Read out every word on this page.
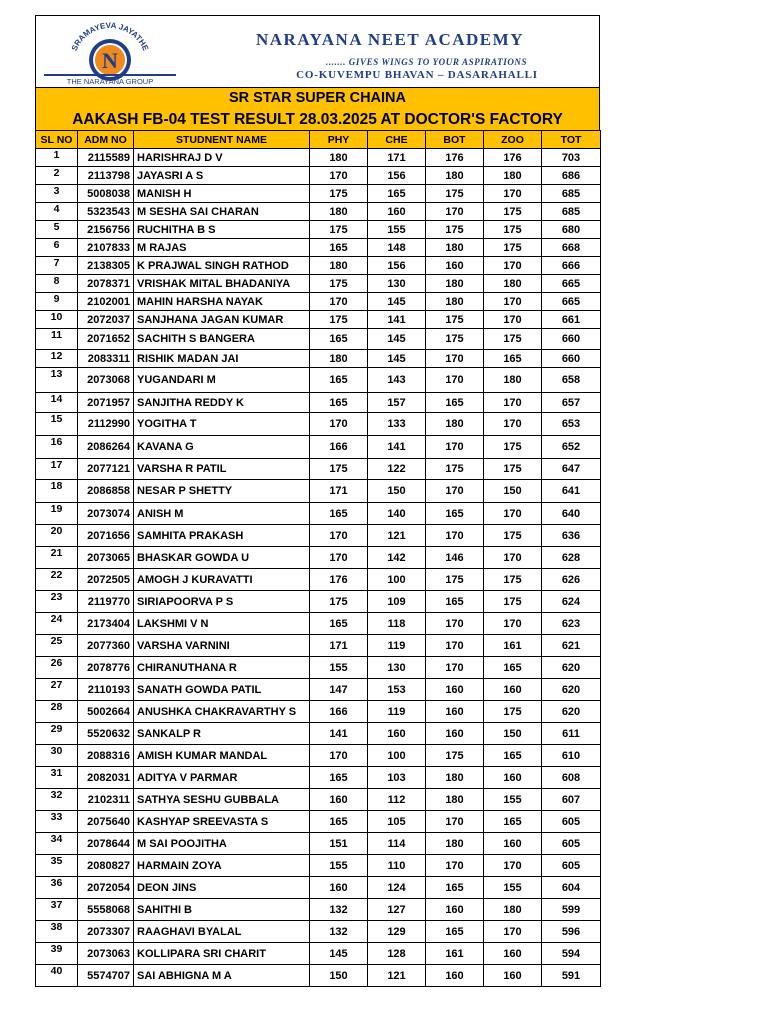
SRAMAYEVA JAYATHE
N
THE NARAYANA GROUP
NARAYANA NEET ACADEMY
....... GIVES WINGS TO YOUR ASPIRATIONS
CO-KUVEMPU BHAVAN – DASARAHALLI
SR STAR SUPER CHAINA
AAKASH FB-04 TEST RESULT 28.03.2025 AT DOCTOR'S FACTORY
SL NO	ADM NO	STUDNENT NAME	PHY	CHE	BOT	ZOO	TOT
1	2115589	HARISHRAJ D V	180	171	176	176	703
2	2113798	JAYASRI A S	170	156	180	180	686
3	5008038	MANISH H	175	165	175	170	685
4	5323543	M SESHA SAI CHARAN	180	160	170	175	685
5	2156756	RUCHITHA B S	175	155	175	175	680
6	2107833	M RAJAS	165	148	180	175	668
7	2138305	K PRAJWAL SINGH RATHOD	180	156	160	170	666
8	2078371	VRISHAK MITAL BHADANIYA	175	130	180	180	665
9	2102001	MAHIN HARSHA NAYAK	170	145	180	170	665
10	2072037	SANJHANA JAGAN KUMAR	175	141	175	170	661
11	2071652	SACHITH S BANGERA	165	145	175	175	660
12	2083311	RISHIK MADAN JAI	180	145	170	165	660
13	2073068	YUGANDARI M	165	143	170	180	658
14	2071957	SANJITHA REDDY K	165	157	165	170	657
15	2112990	YOGITHA T	170	133	180	170	653
16	2086264	KAVANA G	166	141	170	175	652
17	2077121	VARSHA R PATIL	175	122	175	175	647
18	2086858	NESAR P SHETTY	171	150	170	150	641
19	2073074	ANISH M	165	140	165	170	640
20	2071656	SAMHITA PRAKASH	170	121	170	175	636
21	2073065	BHASKAR GOWDA U	170	142	146	170	628
22	2072505	AMOGH J KURAVATTI	176	100	175	175	626
23	2119770	SIRIAPOORVA P S	175	109	165	175	624
24	2173404	LAKSHMI V N	165	118	170	170	623
25	2077360	VARSHA VARNINI	171	119	170	161	621
26	2078776	CHIRANUTHANA R	155	130	170	165	620
27	2110193	SANATH GOWDA PATIL	147	153	160	160	620
28	5002664	ANUSHKA CHAKRAVARTHY S	166	119	160	175	620
29	5520632	SANKALP R	141	160	160	150	611
30	2088316	AMISH KUMAR MANDAL	170	100	175	165	610
31	2082031	ADITYA V PARMAR	165	103	180	160	608
32	2102311	SATHYA SESHU GUBBALA	160	112	180	155	607
33	2075640	KASHYAP SREEVASTA S	165	105	170	165	605
34	2078644	M SAI POOJITHA	151	114	180	160	605
35	2080827	HARMAIN ZOYA	155	110	170	170	605
36	2072054	DEON JINS	160	124	165	155	604
37	5558068	SAHITHI B	132	127	160	180	599
38	2073307	RAAGHAVI BYALAL	132	129	165	170	596
39	2073063	KOLLIPARA SRI CHARIT	145	128	161	160	594
40	5574707	SAI ABHIGNA M A	150	121	160	160	591
